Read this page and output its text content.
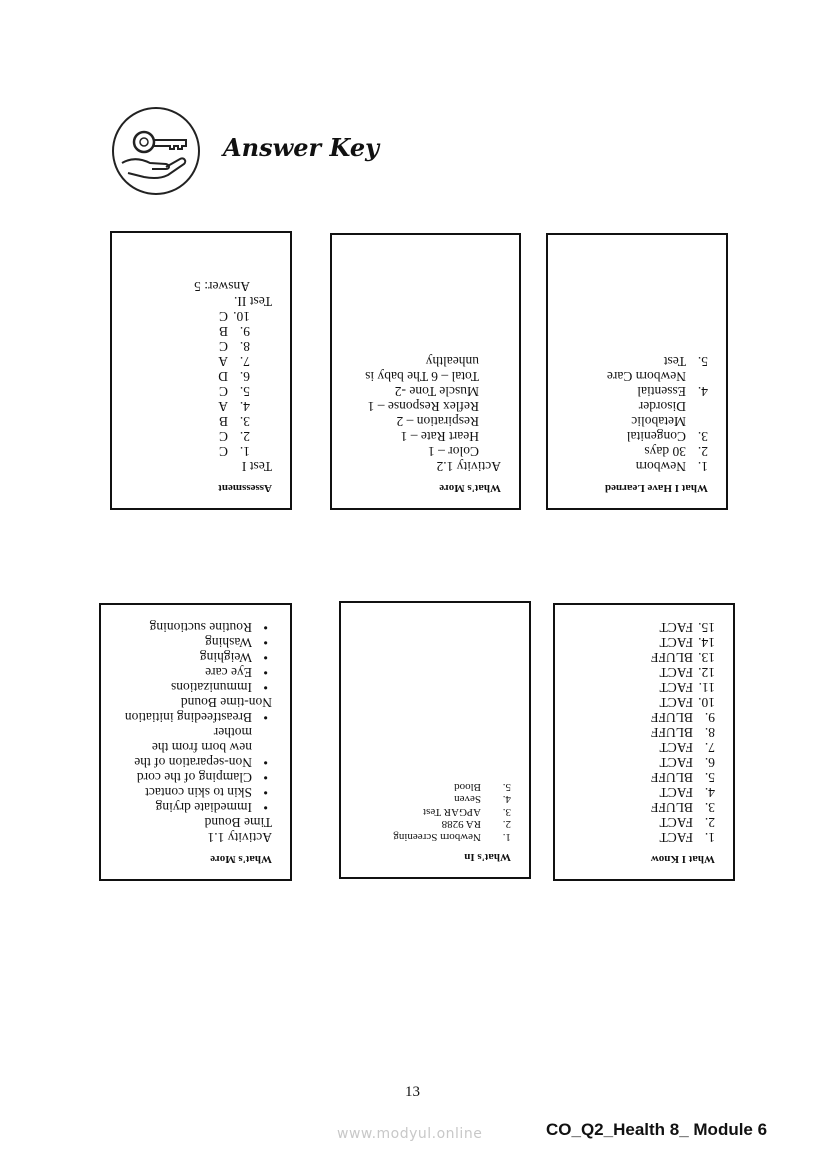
Answer Key
Assessment

Test I

1.C
2.C
3.B
4.A
5.C
6.D
7.A
8.C
9.B
10.C

Test II.

Answer: 5

What's More

Activity 1.2

Color – 1

Heart Rate – 1

Respiration – 2

Reflex Response – 1

Muscle Tone -2

Total – 6 The baby is

unhealthy

What I Have Learned
1.Newborn
2.30 days
3.Congenital
Metabolic
Disorder
4.Essential
Newborn Care
5.Test
What's More

Activity 1.1

Time Bound

• Immediate drying
• Skin to skin contact
• Clamping of the cord
• Non-separation of the
new born from the
mother
• Breastfeeding initiation

Non-time Bound

• Immunizations
• Eye care
• Weighing
• Washing
• Routine suctioning
What's In
1.Newborn Screening
2.RA 9288
3.APGAR Test
4.Seven
5.Blood
What I Know
1.FACT
2.FACT
3.BLUFF
4.FACT
5.BLUFF
6.FACT
7.FACT
8.BLUFF
9.BLUFF
10.FACT
11.FACT
12.FACT
13.BLUFF
14.FACT
15.FACT
13
www.modyul.online	CO_Q2_Health 8_ Module 6
